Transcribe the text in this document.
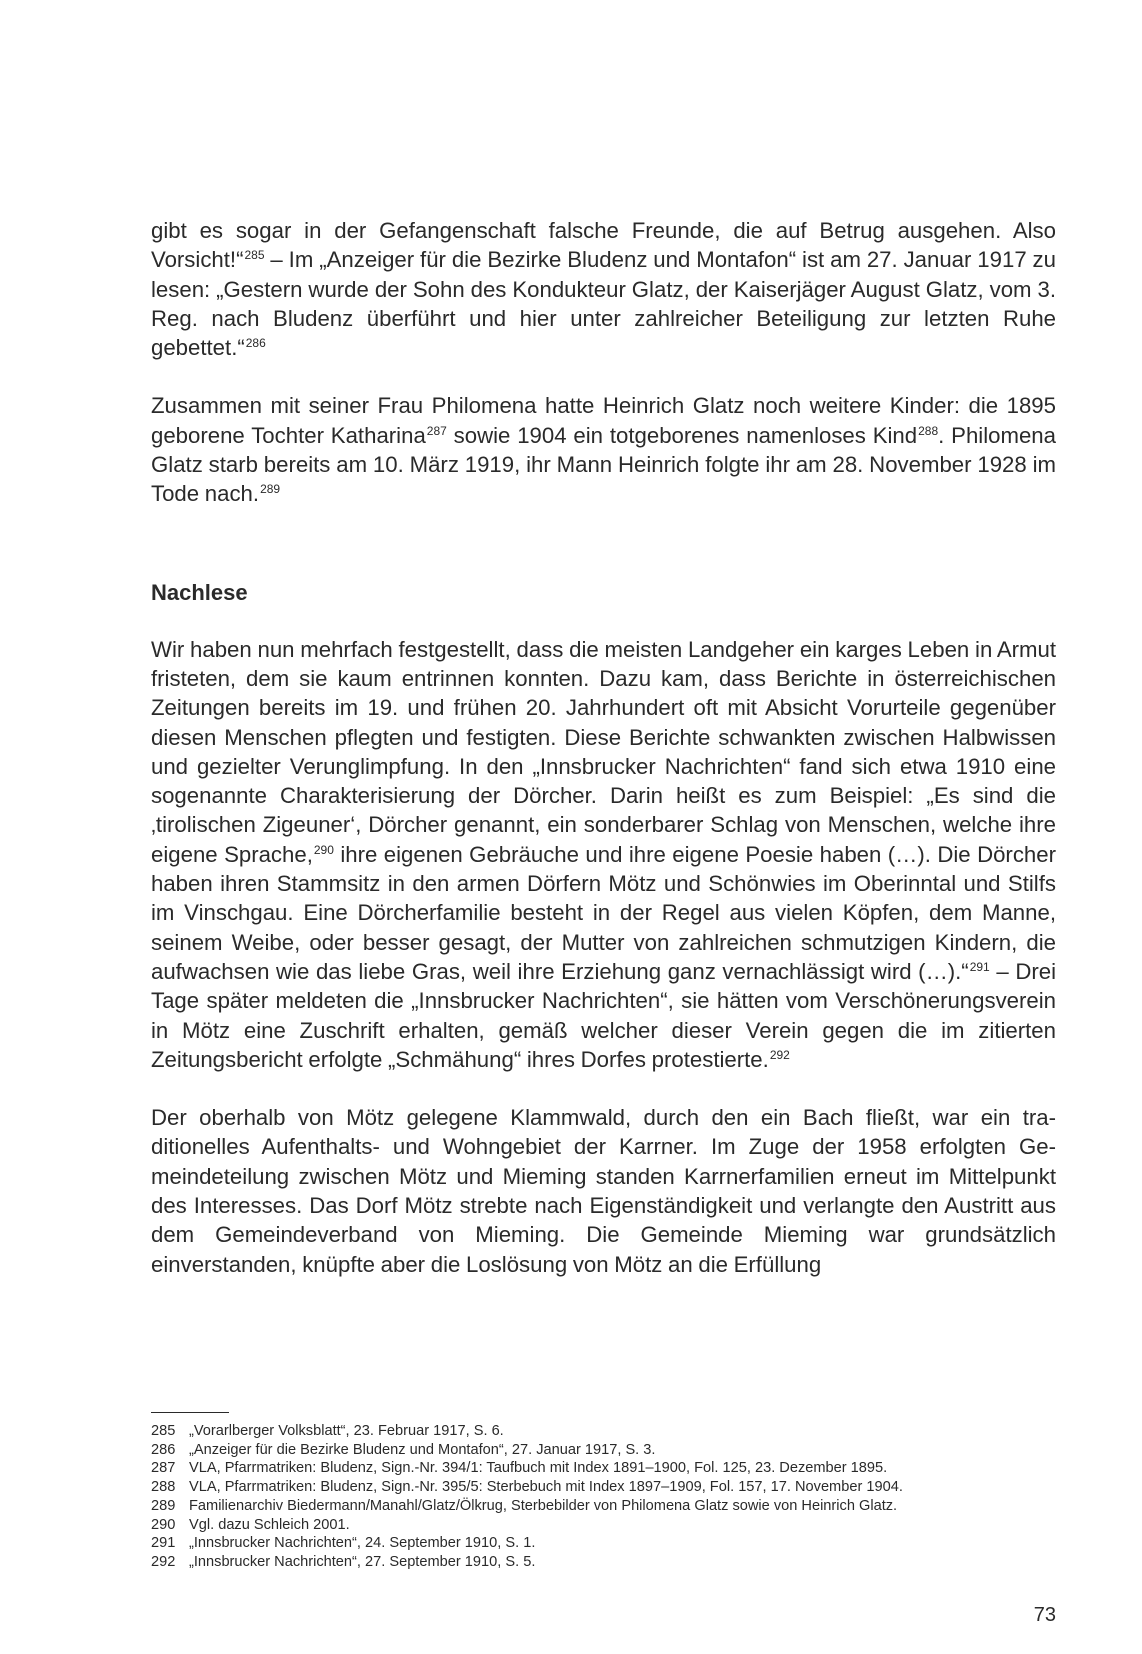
gibt es sogar in der Gefangenschaft falsche Freunde, die auf Betrug ausgehen. Also Vorsicht!“$^{285}$ – Im „Anzeiger für die Bezirke Bludenz und Montafon“ ist am 27. Januar 1917 zu lesen: „Gestern wurde der Sohn des Kondukteur Glatz, der Kaiserjäger August Glatz, vom 3. Reg. nach Bludenz überführt und hier unter zahlreicher Beteiligung zur letzten Ruhe gebettet.“$^{286}$

Zusammen mit seiner Frau Philomena hatte Heinrich Glatz noch weitere Kinder: die 1895 geborene Tochter Katharina$^{287}$ sowie 1904 ein totgeborenes namenloses Kind$^{288}$. Philomena Glatz starb bereits am 10. März 1919, ihr Mann Heinrich folgte ihr am 28. November 1928 im Tode nach.$^{289}$

Nachlese

Wir haben nun mehrfach festgestellt, dass die meisten Landgeher ein karges Leben in Armut fristeten, dem sie kaum entrinnen konnten. Dazu kam, dass Berichte in österreichischen Zeitungen bereits im 19. und frühen 20. Jahrhundert oft mit Absicht Vorurteile gegenüber diesen Menschen pflegten und festigten. Diese Berichte schwankten zwischen Halbwissen und gezielter Verunglimpfung. In den „Innsbrucker Nachrichten“ fand sich etwa 1910 eine sogenannte Charakterisierung der Dörcher. Darin heißt es zum Beispiel: „Es sind die ‚tirolischen Zigeuner‘, Dörcher genannt, ein sonderbarer Schlag von Menschen, welche ihre eigene Sprache,$^{290}$ ihre eigenen Gebräuche und ihre eigene Poesie haben (…). Die Dörcher haben ihren Stammsitz in den armen Dörfern Mötz und Schönwies im Oberinntal und Stilfs im Vinschgau. Eine Dörcherfamilie besteht in der Regel aus vielen Köpfen, dem Manne, seinem Weibe, oder besser gesagt, der Mutter von zahlreichen schmutzigen Kindern, die aufwachsen wie das liebe Gras, weil ihre Erziehung ganz vernachlässigt wird (…).“$^{291}$ – Drei Tage später meldeten die „Innsbrucker Nachrichten“, sie hätten vom Verschönerungsverein in Mötz eine Zuschrift erhalten, gemäß welcher dieser Verein gegen die im zitierten Zeitungsbericht erfolgte „Schmähung“ ihres Dorfes protestierte.$^{292}$

Der oberhalb von Mötz gelegene Klammwald, durch den ein Bach fließt, war ein traditionelles Aufenthalts- und Wohngebiet der Karrner. Im Zuge der 1958 erfolgten Gemeindeteilung zwischen Mötz und Mieming standen Karrnerfamilien erneut im Mittelpunkt des Interesses. Das Dorf Mötz strebte nach Eigenständigkeit und verlangte den Austritt aus dem Gemeindeverband von Mieming. Die Gemeinde Mieming war grundsätzlich einverstanden, knüpfte aber die Loslösung von Mötz an die Erfüllung

285 „Vorarlberger Volksblatt“, 23. Februar 1917, S. 6.
286 „Anzeiger für die Bezirke Bludenz und Montafon“, 27. Januar 1917, S. 3.
287 VLA, Pfarrmatriken: Bludenz, Sign.-Nr. 394/1: Taufbuch mit Index 1891–1900, Fol. 125, 23. Dezember 1895.
288 VLA, Pfarrmatriken: Bludenz, Sign.-Nr. 395/5: Sterbebuch mit Index 1897–1909, Fol. 157, 17. November 1904.
289 Familienarchiv Biedermann/Manahl/Glatz/Ölkrug, Sterbebilder von Philomena Glatz sowie von Heinrich Glatz.
290 Vgl. dazu Schleich 2001.
291 „Innsbrucker Nachrichten“, 24. September 1910, S. 1.
292 „Innsbrucker Nachrichten“, 27. September 1910, S. 5.
73
